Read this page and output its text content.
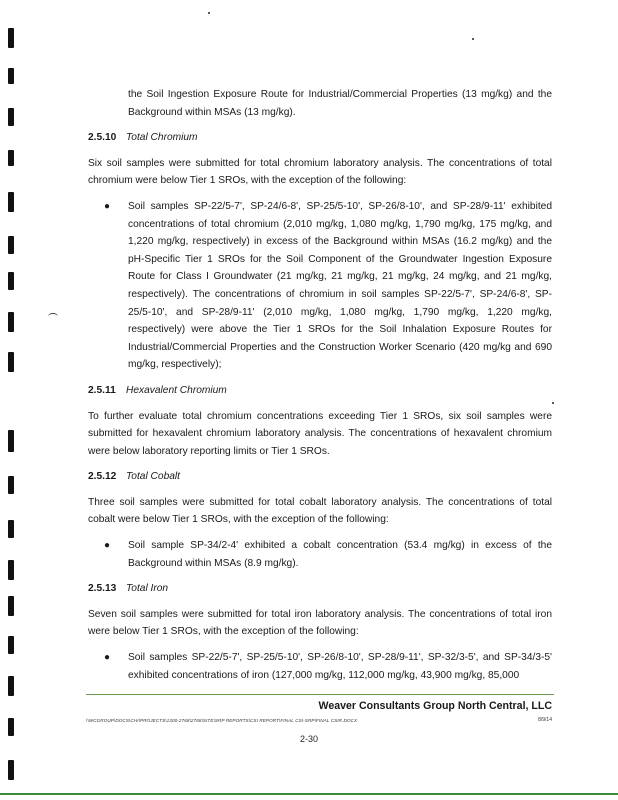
the Soil Ingestion Exposure Route for Industrial/Commercial Properties (13 mg/kg) and the Background within MSAs (13 mg/kg).

2.5.10 Total Chromium

Six soil samples were submitted for total chromium laboratory analysis. The concentrations of total chromium were below Tier 1 SROs, with the exception of the following:

●	Soil samples SP-22/5-7', SP-24/6-8', SP-25/5-10', SP-26/8-10', and SP-28/9-11' exhibited concentrations of total chromium (2,010 mg/kg, 1,080 mg/kg, 1,790 mg/kg, 175 mg/kg, and 1,220 mg/kg, respectively) in excess of the Background within MSAs (16.2 mg/kg) and the pH-Specific Tier 1 SROs for the Soil Component of the Groundwater Ingestion Exposure Route for Class I Groundwater (21 mg/kg, 21 mg/kg, 21 mg/kg, 24 mg/kg, and 21 mg/kg, respectively). The concentrations of chromium in soil samples SP-22/5-7', SP-24/6-8', SP-25/5-10', and SP-28/9-11' (2,010 mg/kg, 1,080 mg/kg, 1,790 mg/kg, 1,220 mg/kg, respectively) were above the Tier 1 SROs for the Soil Inhalation Exposure Routes for Industrial/Commercial Properties and the Construction Worker Scenario (420 mg/kg and 690 mg/kg, respectively);

2.5.11 Hexavalent Chromium

To further evaluate total chromium concentrations exceeding Tier 1 SROs, six soil samples were submitted for hexavalent chromium laboratory analysis. The concentrations of hexavalent chromium were below laboratory reporting limits or Tier 1 SROs.

2.5.12 Total Cobalt

Three soil samples were submitted for total cobalt laboratory analysis. The concentrations of total cobalt were below Tier 1 SROs, with the exception of the following:

●	Soil sample SP-34/2-4' exhibited a cobalt concentration (53.4 mg/kg) in excess of the Background within MSAs (8.9 mg/kg).

2.5.13 Total Iron

Seven soil samples were submitted for total iron laboratory analysis. The concentrations of total iron were below Tier 1 SROs, with the exception of the following:

●	Soil samples SP-22/5-7', SP-25/5-10', SP-26/8-10', SP-28/9-11', SP-32/3-5', and SP-34/3-5' exhibited concentrations of iron (127,000 mg/kg, 112,000 mg/kg, 43,900 mg/kg, 85,000
Weaver Consultants Group North Central, LLC
\\WCGROUP\DOCS\CHI\PROJECTS\1300-2768\2768\SITE\SRP REPORTS\CSI REPORT\FINAL CSI-SRP\FINAL CSIR.DOCX	8/9/14
2-30
